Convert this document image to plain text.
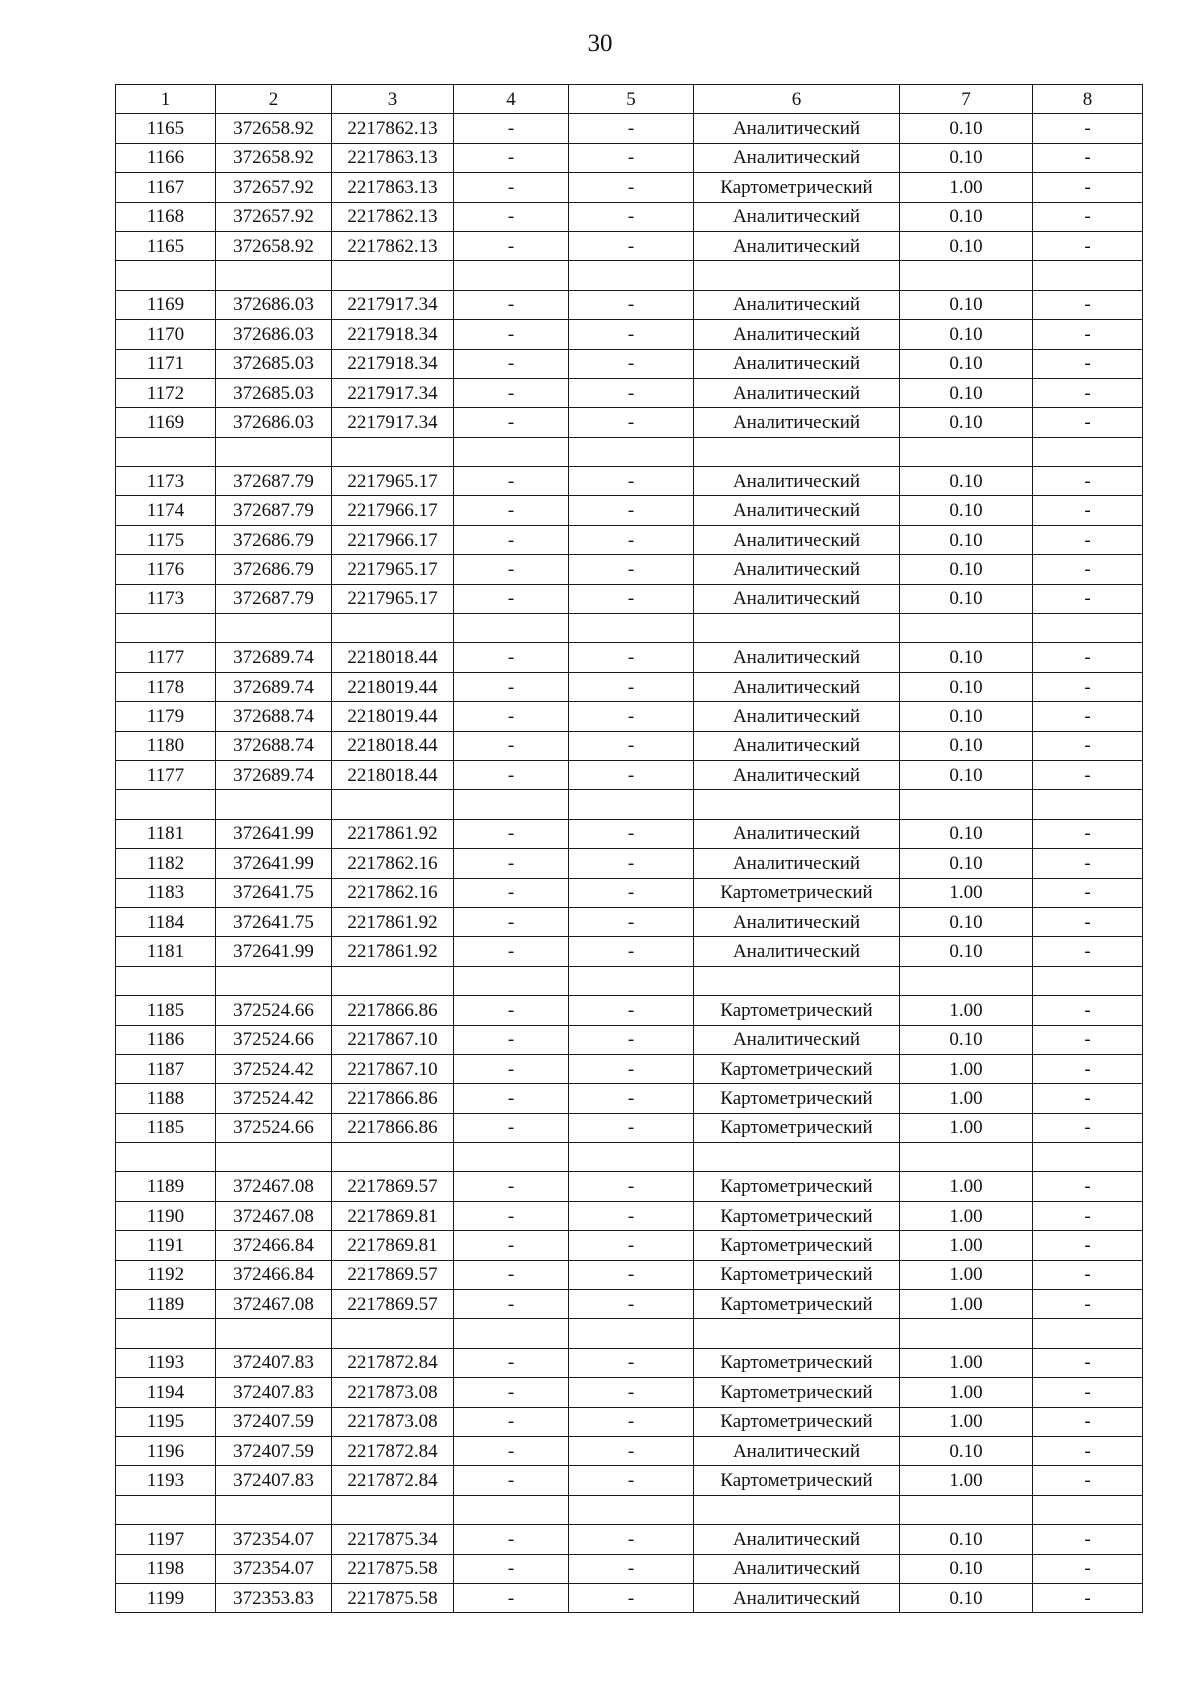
30
1	2	3	4	5	6	7	8
1165	372658.92	2217862.13	-	-	Аналитический	0.10	-
1166	372658.92	2217863.13	-	-	Аналитический	0.10	-
1167	372657.92	2217863.13	-	-	Картометрический	1.00	-
1168	372657.92	2217862.13	-	-	Аналитический	0.10	-
1165	372658.92	2217862.13	-	-	Аналитический	0.10	-

1169	372686.03	2217917.34	-	-	Аналитический	0.10	-
1170	372686.03	2217918.34	-	-	Аналитический	0.10	-
1171	372685.03	2217918.34	-	-	Аналитический	0.10	-
1172	372685.03	2217917.34	-	-	Аналитический	0.10	-
1169	372686.03	2217917.34	-	-	Аналитический	0.10	-

1173	372687.79	2217965.17	-	-	Аналитический	0.10	-
1174	372687.79	2217966.17	-	-	Аналитический	0.10	-
1175	372686.79	2217966.17	-	-	Аналитический	0.10	-
1176	372686.79	2217965.17	-	-	Аналитический	0.10	-
1173	372687.79	2217965.17	-	-	Аналитический	0.10	-

1177	372689.74	2218018.44	-	-	Аналитический	0.10	-
1178	372689.74	2218019.44	-	-	Аналитический	0.10	-
1179	372688.74	2218019.44	-	-	Аналитический	0.10	-
1180	372688.74	2218018.44	-	-	Аналитический	0.10	-
1177	372689.74	2218018.44	-	-	Аналитический	0.10	-

1181	372641.99	2217861.92	-	-	Аналитический	0.10	-
1182	372641.99	2217862.16	-	-	Аналитический	0.10	-
1183	372641.75	2217862.16	-	-	Картометрический	1.00	-
1184	372641.75	2217861.92	-	-	Аналитический	0.10	-
1181	372641.99	2217861.92	-	-	Аналитический	0.10	-

1185	372524.66	2217866.86	-	-	Картометрический	1.00	-
1186	372524.66	2217867.10	-	-	Аналитический	0.10	-
1187	372524.42	2217867.10	-	-	Картометрический	1.00	-
1188	372524.42	2217866.86	-	-	Картометрический	1.00	-
1185	372524.66	2217866.86	-	-	Картометрический	1.00	-

1189	372467.08	2217869.57	-	-	Картометрический	1.00	-
1190	372467.08	2217869.81	-	-	Картометрический	1.00	-
1191	372466.84	2217869.81	-	-	Картометрический	1.00	-
1192	372466.84	2217869.57	-	-	Картометрический	1.00	-
1189	372467.08	2217869.57	-	-	Картометрический	1.00	-

1193	372407.83	2217872.84	-	-	Картометрический	1.00	-
1194	372407.83	2217873.08	-	-	Картометрический	1.00	-
1195	372407.59	2217873.08	-	-	Картометрический	1.00	-
1196	372407.59	2217872.84	-	-	Аналитический	0.10	-
1193	372407.83	2217872.84	-	-	Картометрический	1.00	-

1197	372354.07	2217875.34	-	-	Аналитический	0.10	-
1198	372354.07	2217875.58	-	-	Аналитический	0.10	-
1199	372353.83	2217875.58	-	-	Аналитический	0.10	-
